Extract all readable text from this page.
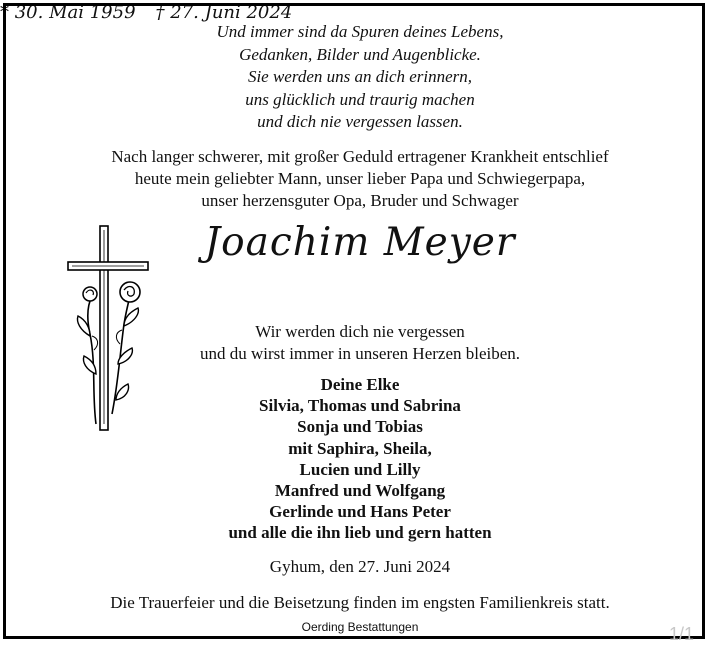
Und immer sind da Spuren deines Lebens,
Gedanken, Bilder und Augenblicke.
Sie werden uns an dich erinnern,
uns glücklich und traurig machen
und dich nie vergessen lassen.
Nach langer schwerer, mit großer Geduld ertragener Krankheit entschlief
heute mein geliebter Mann, unser lieber Papa und Schwiegerpapa,
unser herzensguter Opa, Bruder und Schwager
Joachim Meyer
* 30. Mai 1959 † 27. Juni 2024
Wir werden dich nie vergessen
und du wirst immer in unseren Herzen bleiben.
Deine Elke
Silvia, Thomas und Sabrina
Sonja und Tobias
mit Saphira, Sheila,
Lucien und Lilly
Manfred und Wolfgang
Gerlinde und Hans Peter
und alle die ihn lieb und gern hatten
Gyhum, den 27. Juni 2024
Die Trauerfeier und die Beisetzung finden im engsten Familienkreis statt.
Oerding Bestattungen	1/1
